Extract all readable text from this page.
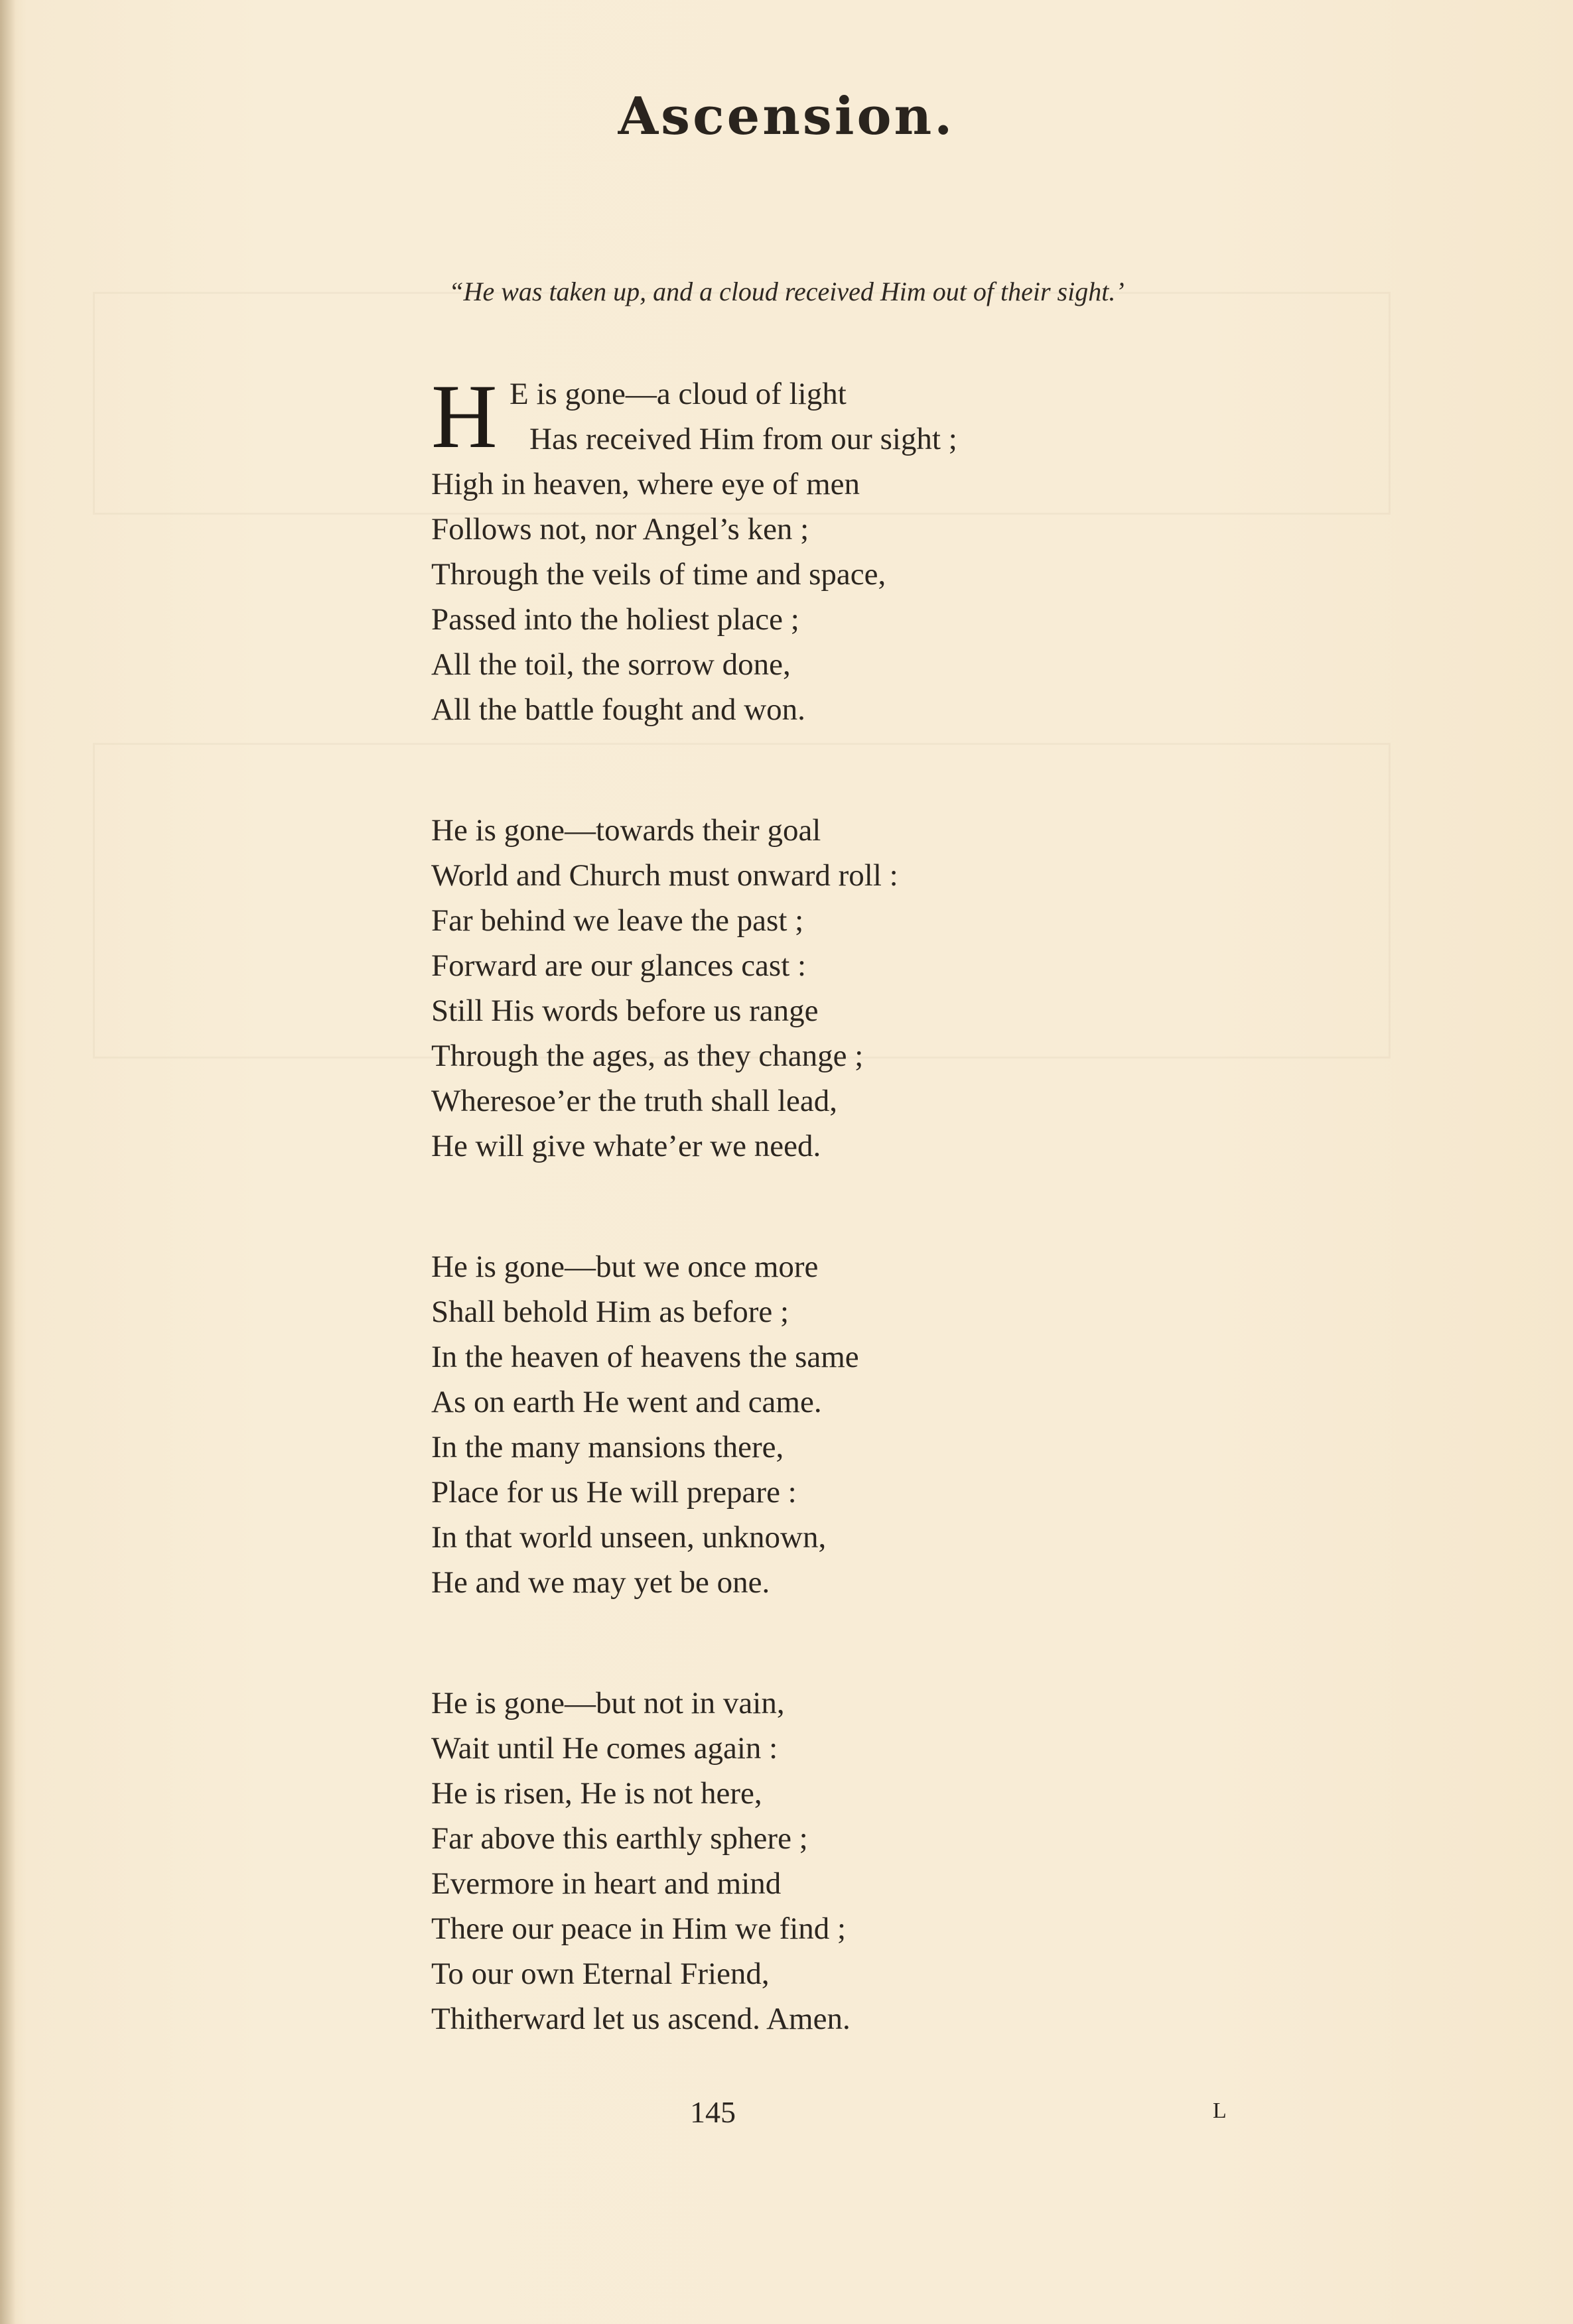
Ascension.
“He was taken up, and a cloud received Him out of their sight.’
H E is gone—a cloud of light
Has received Him from our sight ;
High in heaven, where eye of men
Follows not, nor Angel’s ken ;
Through the veils of time and space,
Passed into the holiest place ;
All the toil, the sorrow done,
All the battle fought and won.
He is gone—towards their goal
World and Church must onward roll :
Far behind we leave the past ;
Forward are our glances cast :
Still His words before us range
Through the ages, as they change ;
Wheresoe’er the truth shall lead,
He will give whate’er we need.
He is gone—but we once more
Shall behold Him as before ;
In the heaven of heavens the same
As on earth He went and came.
In the many mansions there,
Place for us He will prepare :
In that world unseen, unknown,
He and we may yet be one.
He is gone—but not in vain,
Wait until He comes again :
He is risen, He is not here,
Far above this earthly sphere ;
Evermore in heart and mind
There our peace in Him we find ;
To our own Eternal Friend,
Thitherward let us ascend. Amen.
145	L
